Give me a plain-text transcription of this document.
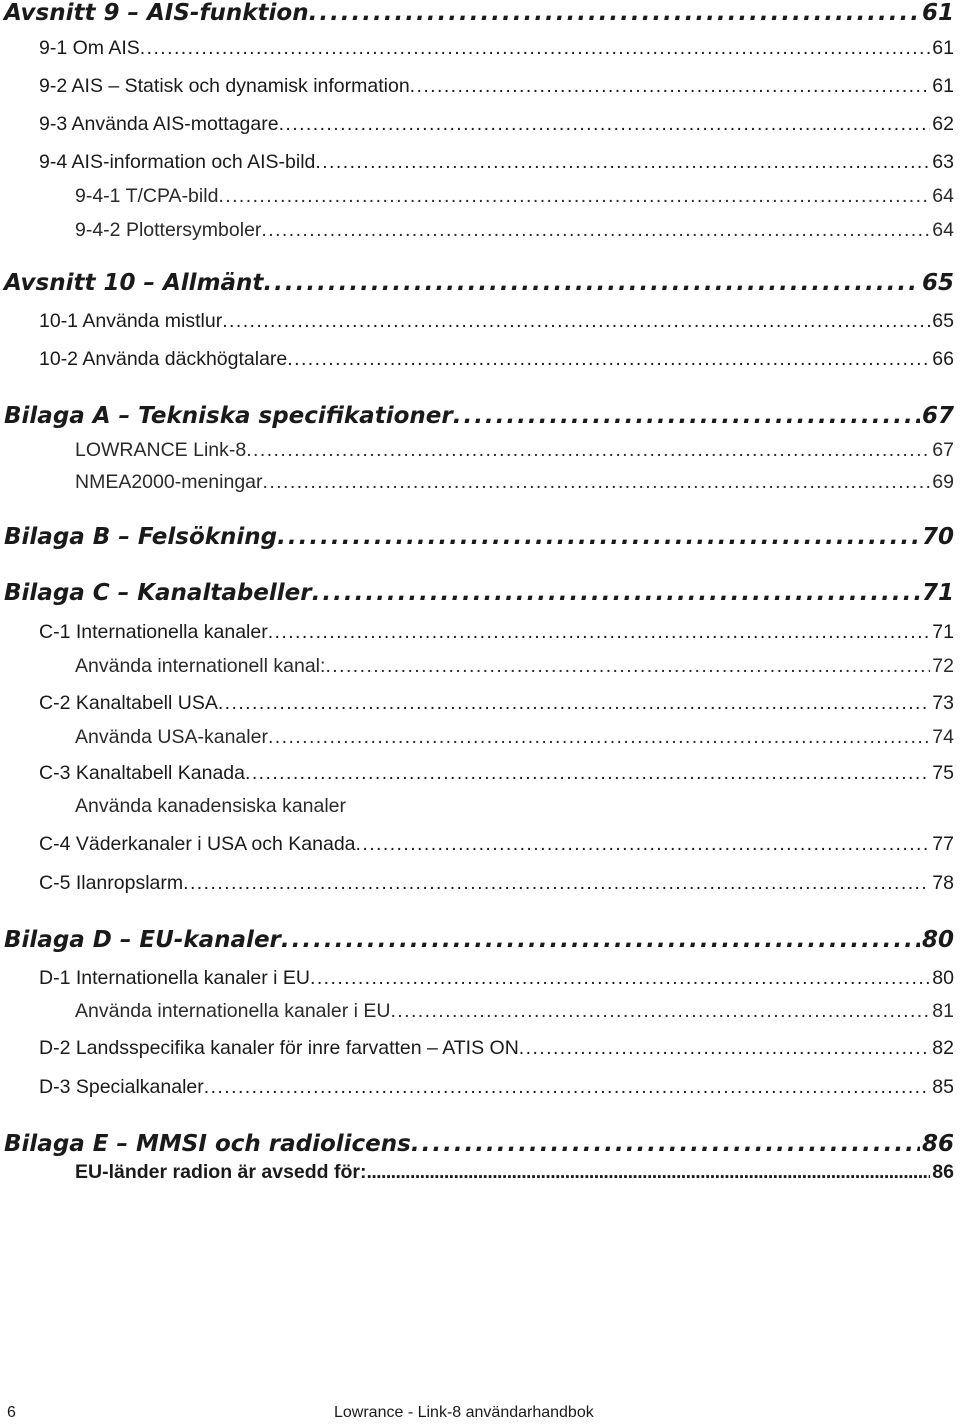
Avsnitt 9 – AIS-funktion . . .	61
9-1 Om AIS . . .	61
9-2 AIS – Statisk och dynamisk information . . .	61
9-3 Använda AIS-mottagare . . .	62
9-4 AIS-information och AIS-bild . . .	63
9-4-1 T/CPA-bild . . .	64
9-4-2 Plottersymboler . . .	64
Avsnitt 10 – Allmänt . . .	65
10-1 Använda mistlur . . .	65
10-2 Använda däckhögtalare . . .	66
Bilaga A – Tekniska specifikationer . . .	67
LOWRANCE Link-8 . . .	67
NMEA2000-meningar . . .	69
Bilaga B – Felsökning . . .	70
Bilaga C – Kanaltabeller . . .	71
C-1 Internationella kanaler . . .	71
Använda internationell kanal: . . .	72
C-2 Kanaltabell USA . . .	73
Använda USA-kanaler . . .	74
C-3 Kanaltabell Kanada . . .	75
Använda kanadensiska kanaler
C-4 Väderkanaler i USA och Kanada . . .	77
C-5 Ilanropslarm . . .	78
Bilaga D – EU-kanaler . . .	80
D-1 Internationella kanaler i EU . . .	80
Använda internationella kanaler i EU . . .	81
D-2 Landsspecifika kanaler för inre farvatten – ATIS ON . . .	82
D-3 Specialkanaler . . .	85
Bilaga E – MMSI och radiolicens . . .	86
EU-länder radion är avsedd för: . . .	86
6	Lowrance - Link-8 användarhandbok
